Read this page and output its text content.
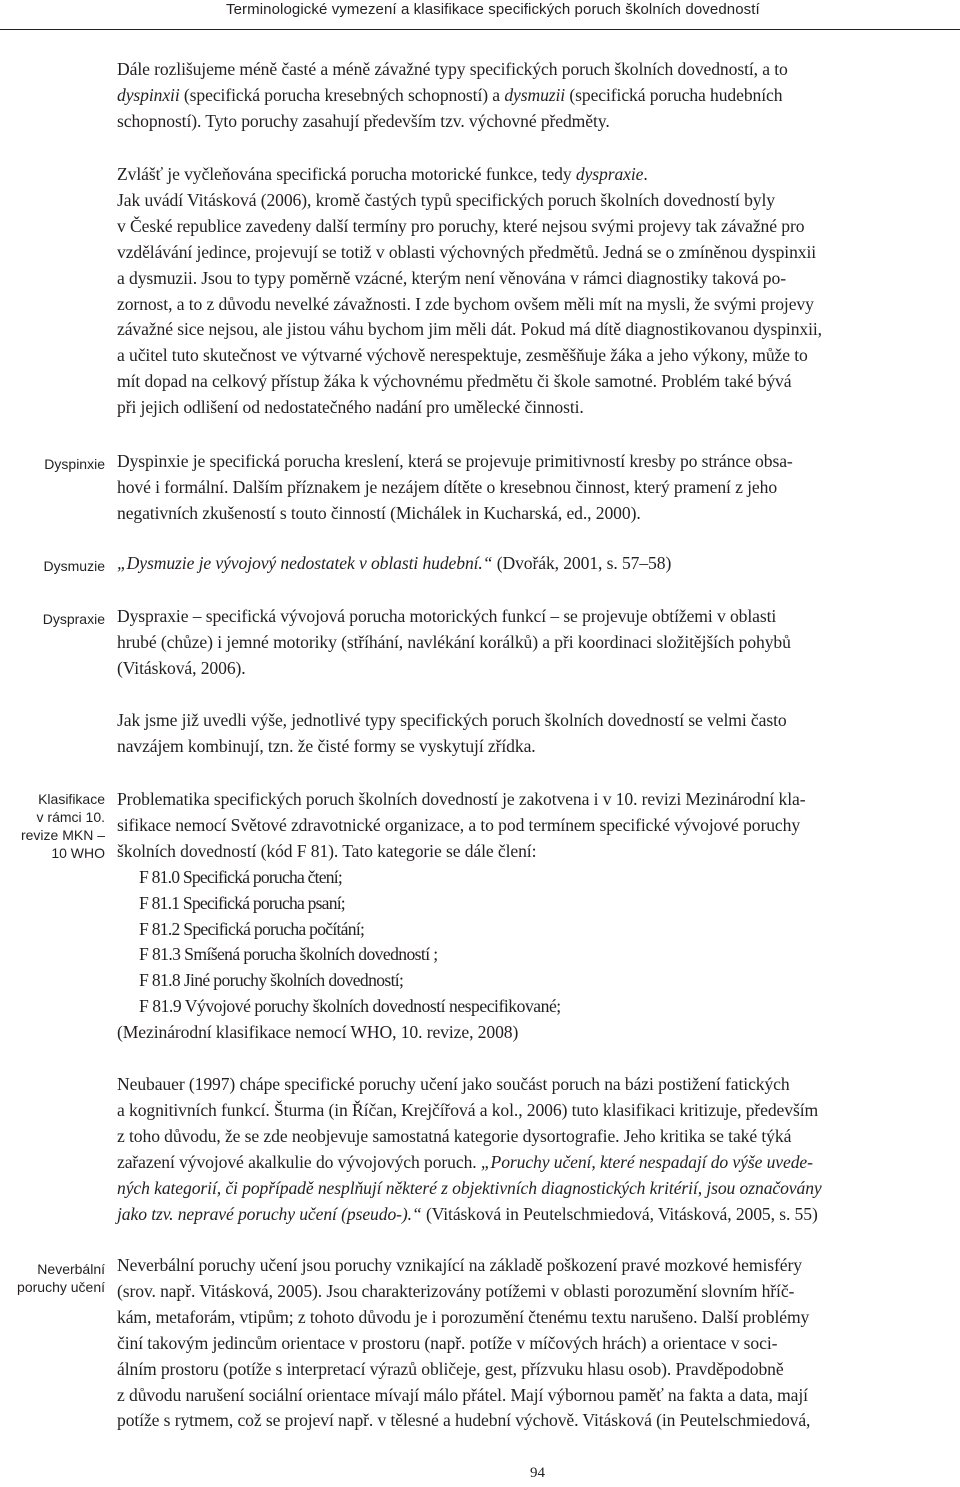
Terminologické vymezení a klasifikace specifických poruch školních dovedností

Dále rozlišujeme méně časté a méně závažné typy specifických poruch školních dovedností, a to
dyspinxii (specifická porucha kresebných schopností) a dysmuzii (specifická porucha hudebních
schopností). Tyto poruchy zasahují především tzv. výchovné předměty.

Zvlášť je vyčleňována specifická porucha motorické funkce, tedy dyspraxie.
Jak uvádí Vitásková (2006), kromě častých typů specifických poruch školních dovedností byly
v České republice zavedeny další termíny pro poruchy, které nejsou svými projevy tak závažné pro
vzdělávání jedince, projevují se totiž v oblasti výchovných předmětů. Jedná se o zmíněnou dyspinxii
a dysmuzii. Jsou to typy poměrně vzácné, kterým není věnována v rámci diagnostiky taková po-
zornost, a to z důvodu nevelké závažnosti. I zde bychom ovšem měli mít na mysli, že svými projevy
závažné sice nejsou, ale jistou váhu bychom jim měli dát. Pokud má dítě diagnostikovanou dyspinxii,
a učitel tuto skutečnost ve výtvarné výchově nerespektuje, zesměšňuje žáka a jeho výkony, může to
mít dopad na celkový přístup žáka k výchovnému předmětu či škole samotné. Problém také bývá
při jejich odlišení od nedostatečného nadání pro umělecké činnosti.

Dyspinxie Dyspinxie je specifická porucha kreslení, která se projevuje primitivností kresby po stránce obsa-
hové i formální. Dalším příznakem je nezájem dítěte o kresebnou činnost, který pramení z jeho
negativních zkušeností s touto činností (Michálek in Kucharská, ed., 2000).

Dysmuzie „Dysmuzie je vývojový nedostatek v oblasti hudební.“ (Dvořák, 2001, s. 57–58)

Dyspraxie Dyspraxie – specifická vývojová porucha motorických funkcí – se projevuje obtížemi v oblasti
hrubé (chůze) i jemné motoriky (stříhání, navlékání korálků) a při koordinaci složitějších pohybů
(Vitásková, 2006).

Jak jsme již uvedli výše, jednotlivé typy specifických poruch školních dovedností se velmi často
navzájem kombinují, tzn. že čisté formy se vyskytují zřídka.

Klasifikace
v rámci 10.
revize MKN –
10 WHO

Problematika specifických poruch školních dovedností je zakotvena i v 10. revizi Mezinárodní kla-
sifikace nemocí Světové zdravotnické organizace, a to pod termínem specifické vývojové poruchy
školních dovedností (kód F 81). Tato kategorie se dále člení:
F 81.0 Specifická porucha čtení;
F 81.1 Specifická porucha psaní;
F 81.2 Specifická porucha počítání;
F 81.3 Smíšená porucha školních dovedností ;
F 81.8 Jiné poruchy školních dovedností;
F 81.9 Vývojové poruchy školních dovedností nespecifikované;
(Mezinárodní klasifikace nemocí WHO, 10. revize, 2008)

Neubauer (1997) chápe specifické poruchy učení jako součást poruch na bázi postižení fatických
a kognitivních funkcí. Šturma (in Říčan, Krejčířová a kol., 2006) tuto klasifikaci kritizuje, především
z toho důvodu, že se zde neobjevuje samostatná kategorie dysortografie. Jeho kritika se také týká
zařazení vývojové akalkulie do vývojových poruch. „Poruchy učení, které nespadají do výše uvede-
ných kategorií, či popřípadě nesplňují některé z objektivních diagnostických kritérií, jsou označovány
jako tzv. nepravé poruchy učení (pseudo-).“ (Vitásková in Peutelschmiedová, Vitásková, 2005, s. 55)

Neverbální
poruchy učení

Neverbální poruchy učení jsou poruchy vznikající na základě poškození pravé mozkové hemisféry
(srov. např. Vitásková, 2005). Jsou charakterizovány potížemi v oblasti porozumění slovním hříč-
kám, metaforám, vtipům; z tohoto důvodu je i porozumění čtenému textu narušeno. Další problémy
činí takovým jedincům orientace v prostoru (např. potíže v míčových hrách) a orientace v soci-
álním prostoru (potíže s interpretací výrazů obličeje, gest, přízvuku hlasu osob). Pravděpodobně
z důvodu narušení sociální orientace mívají málo přátel. Mají výbornou paměť na fakta a data, mají
potíže s rytmem, což se projeví např. v tělesné a hudební výchově. Vitásková (in Peutelschmiedová,

94
